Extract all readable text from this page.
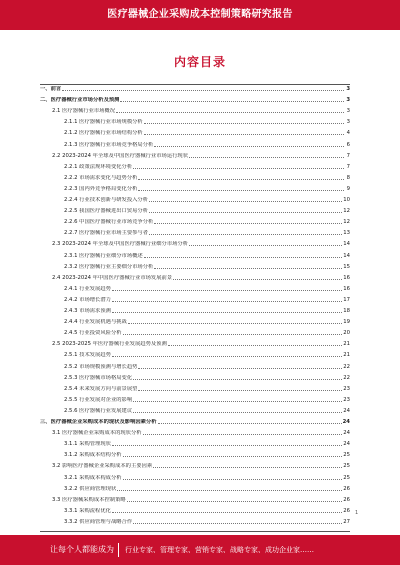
医疗器械企业采购成本控制策略研究报告
内容目录
一、前言	3
二、医疗器械行业市场分析及预测	3
2.1 医疗器械行业市场概况	3
2.1.1 医疗器械行业市场规模分析	3
2.1.2 医疗器械行业市场结构分析	4
2.1.3 医疗器械行业市场竞争格局分析	6
2.2 2023-2024 年全球及中国医疗器械行业市场运行现状	7
2.2.1 政策法规环境变化分析	7
2.2.2 市场需求变化与趋势分析	8
2.2.3 国内外竞争格局变化分析	9
2.2.4 行业技术创新与研发投入分析	10
2.2.5 我国医疗器械进出口贸易分析	12
2.2.6 中国医疗器械行业市场竞争分析	12
2.2.7 医疗器械行业市场主要参与者	13
2.3 2023-2024 年全球及中国医疗器械行业细分市场分析	14
2.3.1 医疗器械行业细分市场概述	14
2.3.2 医疗器械行业主要细分市场分析	15
2.4 2023-2024 年中国医疗器械行业市场发展前景	16
2.4.1 行业发展趋势	16
2.4.2 市场增长潜力	17
2.4.3 市场需求预测	18
2.4.4 行业发展机遇与挑战	19
2.4.5 行业投资风险分析	20
2.5 2023-2025 年医疗器械行业发展趋势及预测	21
2.5.1 技术发展趋势	21
2.5.2 市场规模预测与增长趋势	22
2.5.3 医疗器械市场格局变化	22
2.5.4 未来发展方向与前景展望	23
2.5.5 行业发展对企业的影响	23
2.5.6 医疗器械行业发展建议	24
三、医疗器械企业采购成本的现状及影响因素分析	24
3.1 医疗器械企业采购成本的现状分析	24
3.1.1 采购管理现状	24
3.1.2 采购成本结构分析	25
3.2 影响医疗器械企业采购成本的主要因素	25
3.2.1 采购成本构成分析	25
3.2.2 供应商管理现状	26
3.3 医疗器械采购成本控制策略	26
3.3.1 采购流程优化	26
3.3.2 供应商管理与战略合作	27
1
让每个人都能成为 行业专家、管理专家、营销专家、战略专家、成功企业家……
